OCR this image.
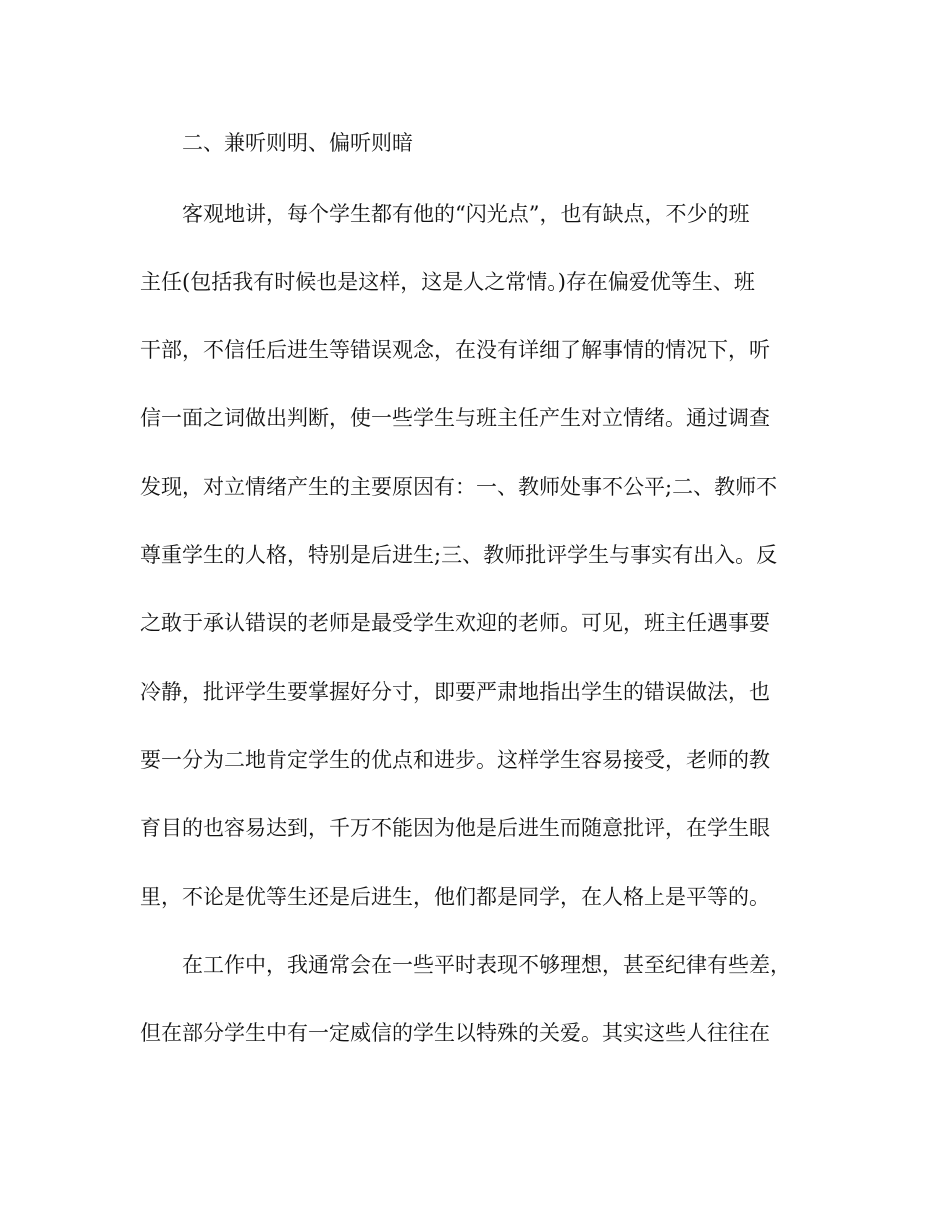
二、兼听则明、偏听则暗
客观地讲，每个学生都有他的“闪光点”，也有缺点，不少的班
主任(包括我有时候也是这样，这是人之常情。)存在偏爱优等生、班
干部，不信任后进生等错误观念，在没有详细了解事情的情况下，听
信一面之词做出判断，使一些学生与班主任产生对立情绪。通过调查
发现，对立情绪产生的主要原因有：一、教师处事不公平;二、教师不
尊重学生的人格，特别是后进生;三、教师批评学生与事实有出入。反
之敢于承认错误的老师是最受学生欢迎的老师。可见，班主任遇事要
冷静，批评学生要掌握好分寸，即要严肃地指出学生的错误做法，也
要一分为二地肯定学生的优点和进步。这样学生容易接受，老师的教
育目的也容易达到，千万不能因为他是后进生而随意批评，在学生眼
里，不论是优等生还是后进生，他们都是同学，在人格上是平等的。
在工作中，我通常会在一些平时表现不够理想，甚至纪律有些差，
但在部分学生中有一定威信的学生以特殊的关爱。其实这些人往往在
